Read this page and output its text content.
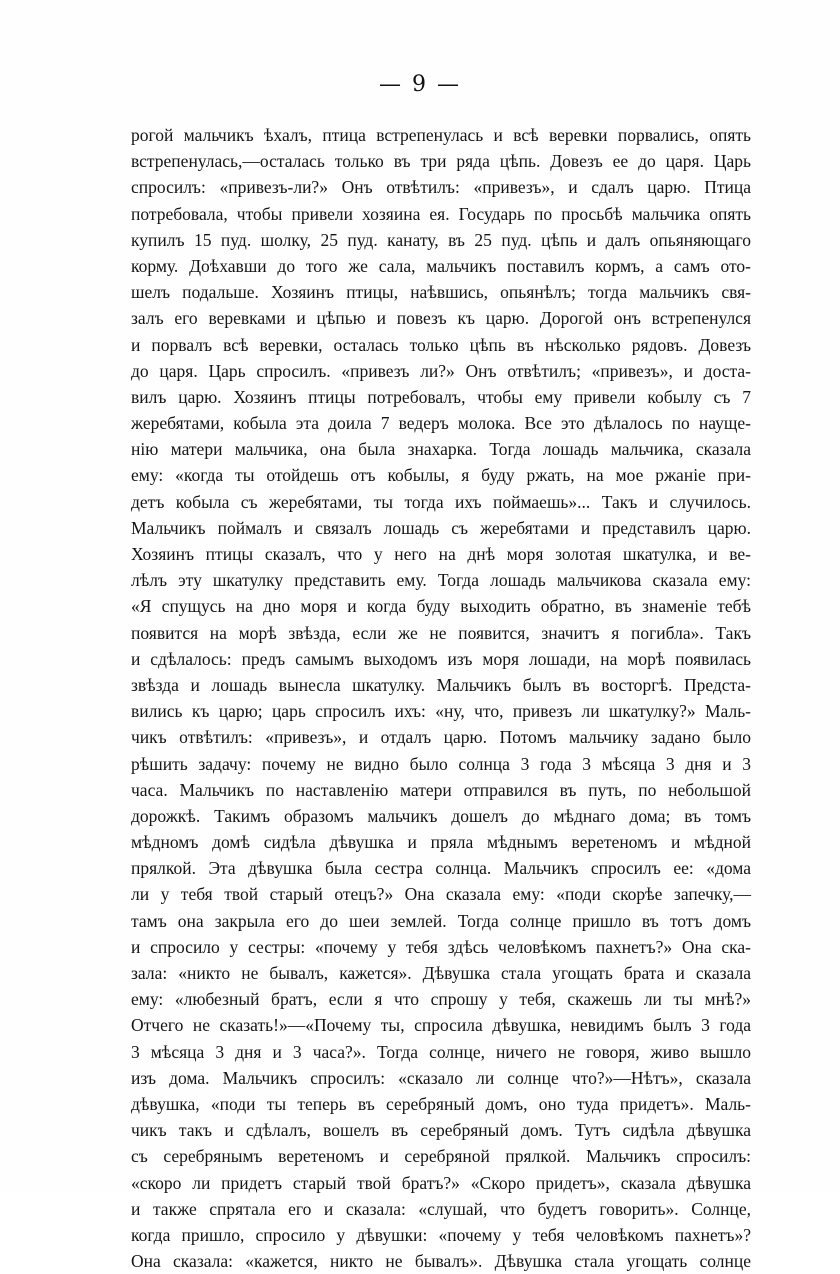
— 9 —
рогой мальчикъ ѣхалъ, птица встрепенулась и всѣ веревки порвались, опять
встрепенулась,—осталась только въ три ряда цѣпь. Довезъ ее до царя. Царь
спросилъ: «привезъ-ли?» Онъ отвѣтилъ: «привезъ», и сдалъ царю. Птица
потребовала, чтобы привели хозяина ея. Государь по просьбѣ мальчика опять
купилъ 15 пуд. шолку, 25 пуд. канату, въ 25 пуд. цѣпь и далъ опьяняющаго
корму. Доѣхавши до того же сала, мальчикъ поставилъ кормъ, а самъ ото-
шелъ подальше. Хозяинъ птицы, наѣвшись, опьянѣлъ; тогда мальчикъ свя-
залъ его веревками и цѣпью и повезъ къ царю. Дорогой онъ встрепенулся
и порвалъ всѣ веревки, осталась только цѣпь въ нѣсколько рядовъ. Довезъ
до царя. Царь спросилъ. «привезъ ли?» Онъ отвѣтилъ; «привезъ», и доста-
вилъ царю. Хозяинъ птицы потребовалъ, чтобы ему привели кобылу съ 7
жеребятами, кобыла эта доила 7 ведеръ молока. Все это дѣлалось по наущe-
нію матери мальчика, она была знахарка. Тогда лошадь мальчика, сказала
ему: «когда ты отойдешь отъ кобылы, я буду ржать, на мое ржаніе при-
детъ кобыла съ жеребятами, ты тогда ихъ поймаешь»... Такъ и случилось.
Мальчикъ поймалъ и связалъ лошадь съ жеребятами и представилъ царю.
Хозяинъ птицы сказалъ, что у него на днѣ моря золотая шкатулка, и ве-
лѣлъ эту шкатулку представить ему. Тогда лошадь мальчикова сказала ему:
«Я спущусь на дно моря и когда буду выходить обратно, въ знаменіе тебѣ
появится на морѣ звѣзда, если же не появится, значитъ я погибла». Такъ
и сдѣлалось: предъ самымъ выходомъ изъ моря лошади, на морѣ появилась
звѣзда и лошадь вынесла шкатулку. Мальчикъ былъ въ восторгѣ. Предста-
вились къ царю; царь спросилъ ихъ: «ну, что, привезъ ли шкатулку?» Маль-
чикъ отвѣтилъ: «привезъ», и отдалъ царю. Потомъ мальчику задано было
рѣшить задачу: почему не видно было солнца 3 года 3 мѣсяца 3 дня и 3
часа. Мальчикъ по наставленію матери отправился въ путь, по небольшой
дорожкѣ. Такимъ образомъ мальчикъ дошелъ до мѣднаго дома; въ томъ
мѣдномъ домѣ сидѣла дѣвушка и пряла мѣднымъ веретеномъ и мѣдной
прялкой. Эта дѣвушка была сестра солнца. Мальчикъ спросилъ ее: «дома
ли у тебя твой старый отецъ?» Она сказала ему: «поди скорѣе запечку,—
тамъ она закрыла его до шеи землей. Тогда солнце пришло въ тотъ домъ
и спросило у сестры: «почему у тебя здѣсь человѣкомъ пахнетъ?» Она ска-
зала: «никто не бывалъ, кажется». Дѣвушка стала угощать брата и сказала
ему: «любезный братъ, если я что спрошу у тебя, скажешь ли ты мнѣ?»
Отчего не сказать!»—«Почему ты, спросила дѣвушка, невидимъ былъ 3 года
3 мѣсяца 3 дня и 3 часа?». Тогда солнце, ничего не говоря, живо вышло
изъ дома. Мальчикъ спросилъ: «сказало ли солнце что?»—Нѣтъ», сказала
дѣвушка, «поди ты теперь въ серебряный домъ, оно туда придетъ». Маль-
чикъ такъ и сдѣлалъ, вошелъ въ серебряный домъ. Тутъ сидѣла дѣвушка
съ серебрянымъ веретеномъ и серебряной прялкой. Мальчикъ спросилъ:
«скоро ли придетъ старый твой братъ?» «Скоро придетъ», сказала дѣвушка
и также спрятала его и сказала: «слушай, что будетъ говорить». Солнце,
когда пришло, спросило у дѣвушки: «почему у тебя человѣкомъ пахнетъ»?
Она сказала: «кажется, никто не бывалъ». Дѣвушка стала угощать солнце
